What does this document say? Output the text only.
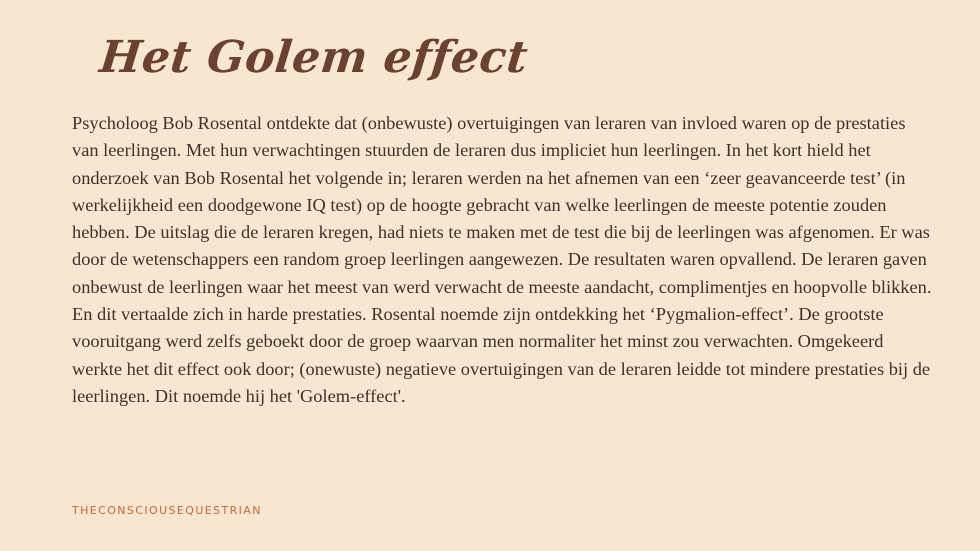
Het Golem effect

Psycholoog Bob Rosental ontdekte dat (onbewuste) overtuigingen van leraren van invloed waren op de prestaties van leerlingen. Met hun verwachtingen stuurden de leraren dus impliciet hun leerlingen. In het kort hield het onderzoek van Bob Rosental het volgende in; leraren werden na het afnemen van een ‘zeer geavanceerde test’ (in werkelijkheid een doodgewone IQ test) op de hoogte gebracht van welke leerlingen de meeste potentie zouden hebben. De uitslag die de leraren kregen, had niets te maken met de test die bij de leerlingen was afgenomen. Er was door de wetenschappers een random groep leerlingen aangewezen. De resultaten waren opvallend. De leraren gaven onbewust de leerlingen waar het meest van werd verwacht de meeste aandacht, complimentjes en hoopvolle blikken. En dit vertaalde zich in harde prestaties. Rosental noemde zijn ontdekking het ‘Pygmalion-effect’. De grootste vooruitgang werd zelfs geboekt door de groep waarvan men normaliter het minst zou verwachten. Omgekeerd werkte het dit effect ook door; (onewuste) negatieve overtuigingen van de leraren leidde tot mindere prestaties bij de leerlingen. Dit noemde hij het 'Golem-effect'.

THECONSCIOUSEQUESTRIAN
